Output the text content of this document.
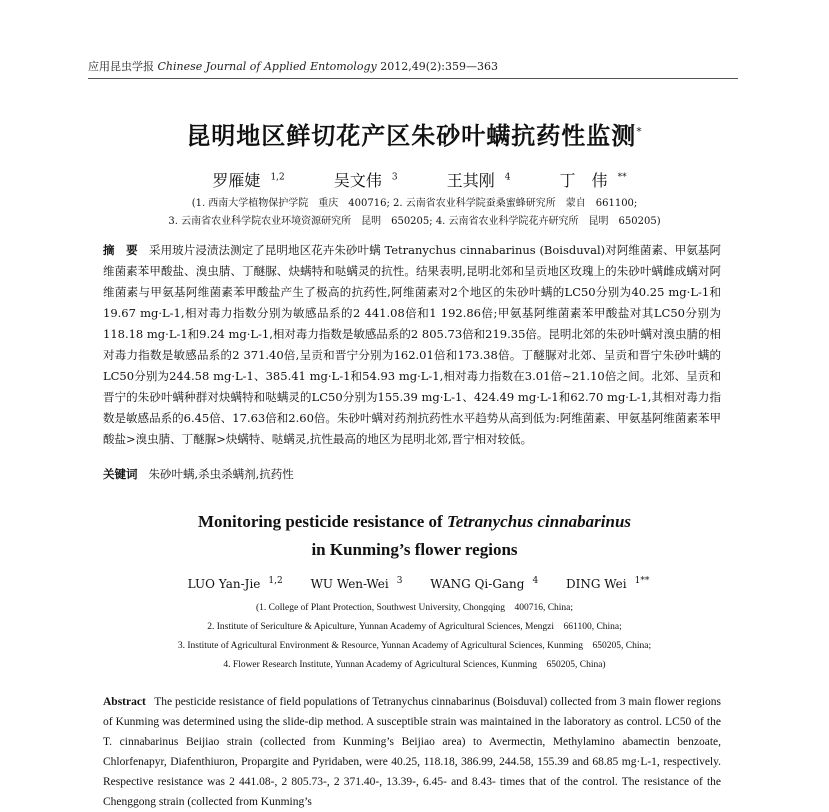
应用昆虫学报 Chinese Journal of Applied Entomology 2012,49(2):359—363
昆明地区鲜切花产区朱砂叶螨抗药性监测*
罗雁婕 $^{1,2}$	吴文伟 $^3$	王其刚 $^4$	丁　伟 **
(1. 西南大学植物保护学院　重庆　400716; 2. 云南省农业科学院蚕桑蜜蜂研究所　蒙自　661100;
3. 云南省农业科学院农业环境资源研究所　昆明　650205; 4. 云南省农业科学院花卉研究所　昆明　650205)
摘　要 采用玻片浸渍法测定了昆明地区花卉朱砂叶螨 Tetranychus cinnabarinus (Boisduval)对阿维菌素、甲氨基阿维菌素苯甲酸盐、溴虫腈、丁醚脲、炔螨特和哒螨灵的抗性。结果表明,昆明北郊和呈贡地区玫瑰上的朱砂叶螨雌成螨对阿维菌素与甲氨基阿维菌素苯甲酸盐产生了极高的抗药性,阿维菌素对2个地区的朱砂叶螨的LC50分别为40.25 mg·L-1和19.67 mg·L-1,相对毒力指数分别为敏感品系的2 441.08倍和1 192.86倍;甲氨基阿维菌素苯甲酸盐对其LC50分别为118.18 mg·L-1和9.24 mg·L-1,相对毒力指数是敏感品系的2 805.73倍和219.35倍。昆明北郊的朱砂叶螨对溴虫腈的相对毒力指数是敏感品系的2 371.40倍,呈贡和晋宁分别为162.01倍和173.38倍。丁醚脲对北郊、呈贡和晋宁朱砂叶螨的LC50分别为244.58 mg·L-1、385.41 mg·L-1和54.93 mg·L-1,相对毒力指数在3.01倍~21.10倍之间。北郊、呈贡和晋宁的朱砂叶螨种群对炔螨特和哒螨灵的LC50分别为155.39 mg·L-1、424.49 mg·L-1和62.70 mg·L-1,其相对毒力指数是敏感品系的6.45倍、17.63倍和2.60倍。朱砂叶螨对药剂抗药性水平趋势从高到低为:阿维菌素、甲氨基阿维菌素苯甲酸盐>溴虫腈、丁醚脲>炔螨特、哒螨灵,抗性最高的地区为昆明北郊,晋宁相对较低。
关键词 朱砂叶螨,杀虫杀螨剂,抗药性
Monitoring pesticide resistance of Tetranychus cinnabarinus
in Kunming’s flower regions
LUO Yan-Jie $^{1,2}$ WU Wen-Wei $^3$ WANG Qi-Gang $^4$ DING Wei $^{1**}$
(1. College of Plant Protection, Southwest University, Chongqing　400716, China;
2. Institute of Sericulture & Apiculture, Yunnan Academy of Agricultural Sciences, Mengzi　661100, China;
3. Institute of Agricultural Environment & Resource, Yunnan Academy of Agricultural Sciences, Kunming　650205, China;
4. Flower Research Institute, Yunnan Academy of Agricultural Sciences, Kunming　650205, China)
Abstract The pesticide resistance of field populations of Tetranychus cinnabarinus (Boisduval) collected from 3 main flower regions of Kunming was determined using the slide-dip method. A susceptible strain was maintained in the laboratory as control. LC50 of the T. cinnabarinus Beijiao strain (collected from Kunming’s Beijiao area) to Avermectin, Methylamino abamectin benzoate, Chlorfenapyr, Diafenthiuron, Propargite and Pyridaben, were 40.25, 118.18, 386.99, 244.58, 155.39 and 68.85 mg·L-1, respectively. Respective resistance was 2 441.08-, 2 805.73-, 2 371.40-, 13.39-, 6.45- and 8.43- times that of the control. The resistance of the Chenggong strain (collected from Kunming’s
